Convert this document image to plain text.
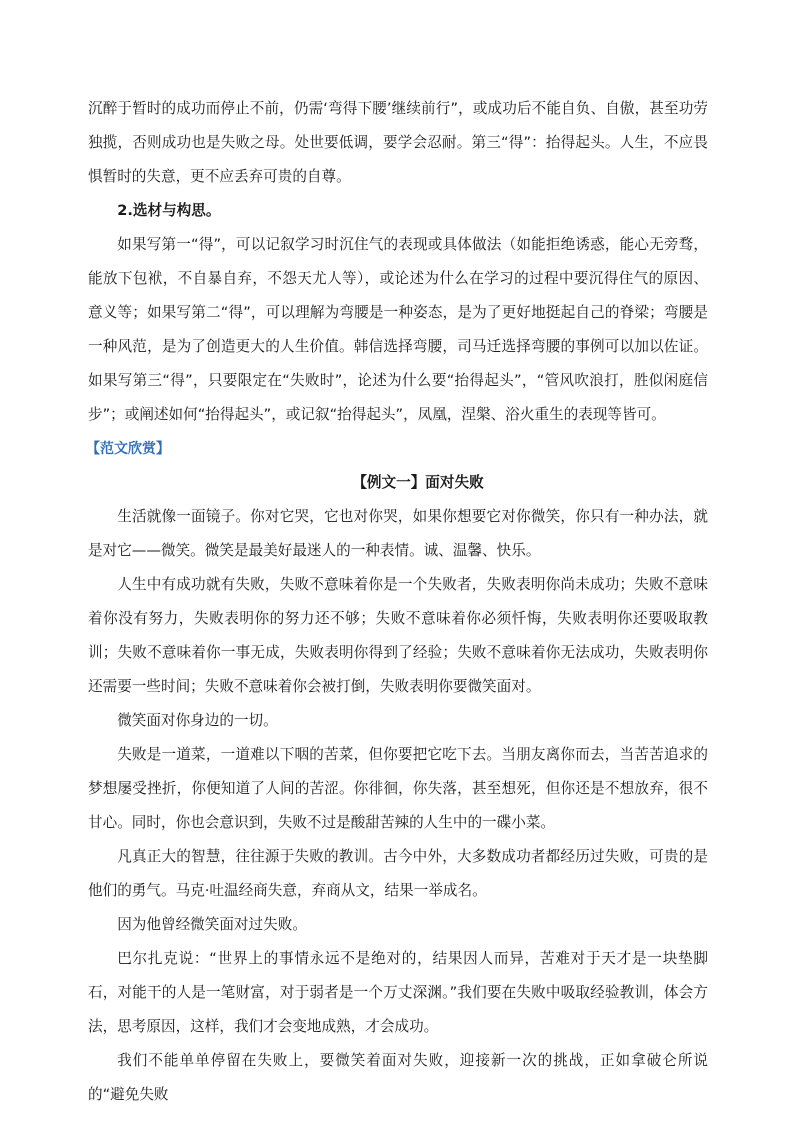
沉醉于暂时的成功而停止不前，仍需‘弯得下腰’继续前行”，或成功后不能自负、自傲，甚至功劳独揽，否则成功也是失败之母。处世要低调，要学会忍耐。第三“得”：抬得起头。人生，不应畏惧暂时的失意，更不应丢弃可贵的自尊。

2.选材与构思。

如果写第一“得”，可以记叙学习时沉住气的表现或具体做法（如能拒绝诱惑，能心无旁骛，能放下包袱，不自暴自弃，不怨天尤人等），或论述为什么在学习的过程中要沉得住气的原因、意义等；如果写第二“得”，可以理解为弯腰是一种姿态，是为了更好地挺起自己的脊梁；弯腰是一种风范，是为了创造更大的人生价值。韩信选择弯腰，司马迁选择弯腰的事例可以加以佐证。如果写第三“得”，只要限定在“失败时”，论述为什么要“抬得起头”，“管风吹浪打，胜似闲庭信步”；或阐述如何“抬得起头”，或记叙“抬得起头”，凤凰，涅槃、浴火重生的表现等皆可。

【范文欣赏】

【例文一】面对失败

生活就像一面镜子。你对它哭，它也对你哭，如果你想要它对你微笑，你只有一种办法，就是对它——微笑。微笑是最美好最迷人的一种表情。诚、温馨、快乐。

人生中有成功就有失败，失败不意味着你是一个失败者，失败表明你尚未成功；失败不意味着你没有努力，失败表明你的努力还不够；失败不意味着你必须忏悔，失败表明你还要吸取教训；失败不意味着你一事无成，失败表明你得到了经验；失败不意味着你无法成功，失败表明你还需要一些时间；失败不意味着你会被打倒，失败表明你要微笑面对。

微笑面对你身边的一切。

失败是一道菜，一道难以下咽的苦菜，但你要把它吃下去。当朋友离你而去，当苦苦追求的梦想屡受挫折，你便知道了人间的苦涩。你徘徊，你失落，甚至想死，但你还是不想放弃，很不甘心。同时，你也会意识到，失败不过是酸甜苦辣的人生中的一碟小菜。

凡真正大的智慧，往往源于失败的教训。古今中外，大多数成功者都经历过失败，可贵的是他们的勇气。马克·吐温经商失意，弃商从文，结果一举成名。

因为他曾经微笑面对过失败。

巴尔扎克说：“世界上的事情永远不是绝对的，结果因人而异，苦难对于天才是一块垫脚石，对能干的人是一笔财富，对于弱者是一个万丈深渊。”我们要在失败中吸取经验教训，体会方法，思考原因，这样，我们才会变地成熟，才会成功。

我们不能单单停留在失败上，要微笑着面对失败，迎接新一次的挑战，正如拿破仑所说的“避免失败
